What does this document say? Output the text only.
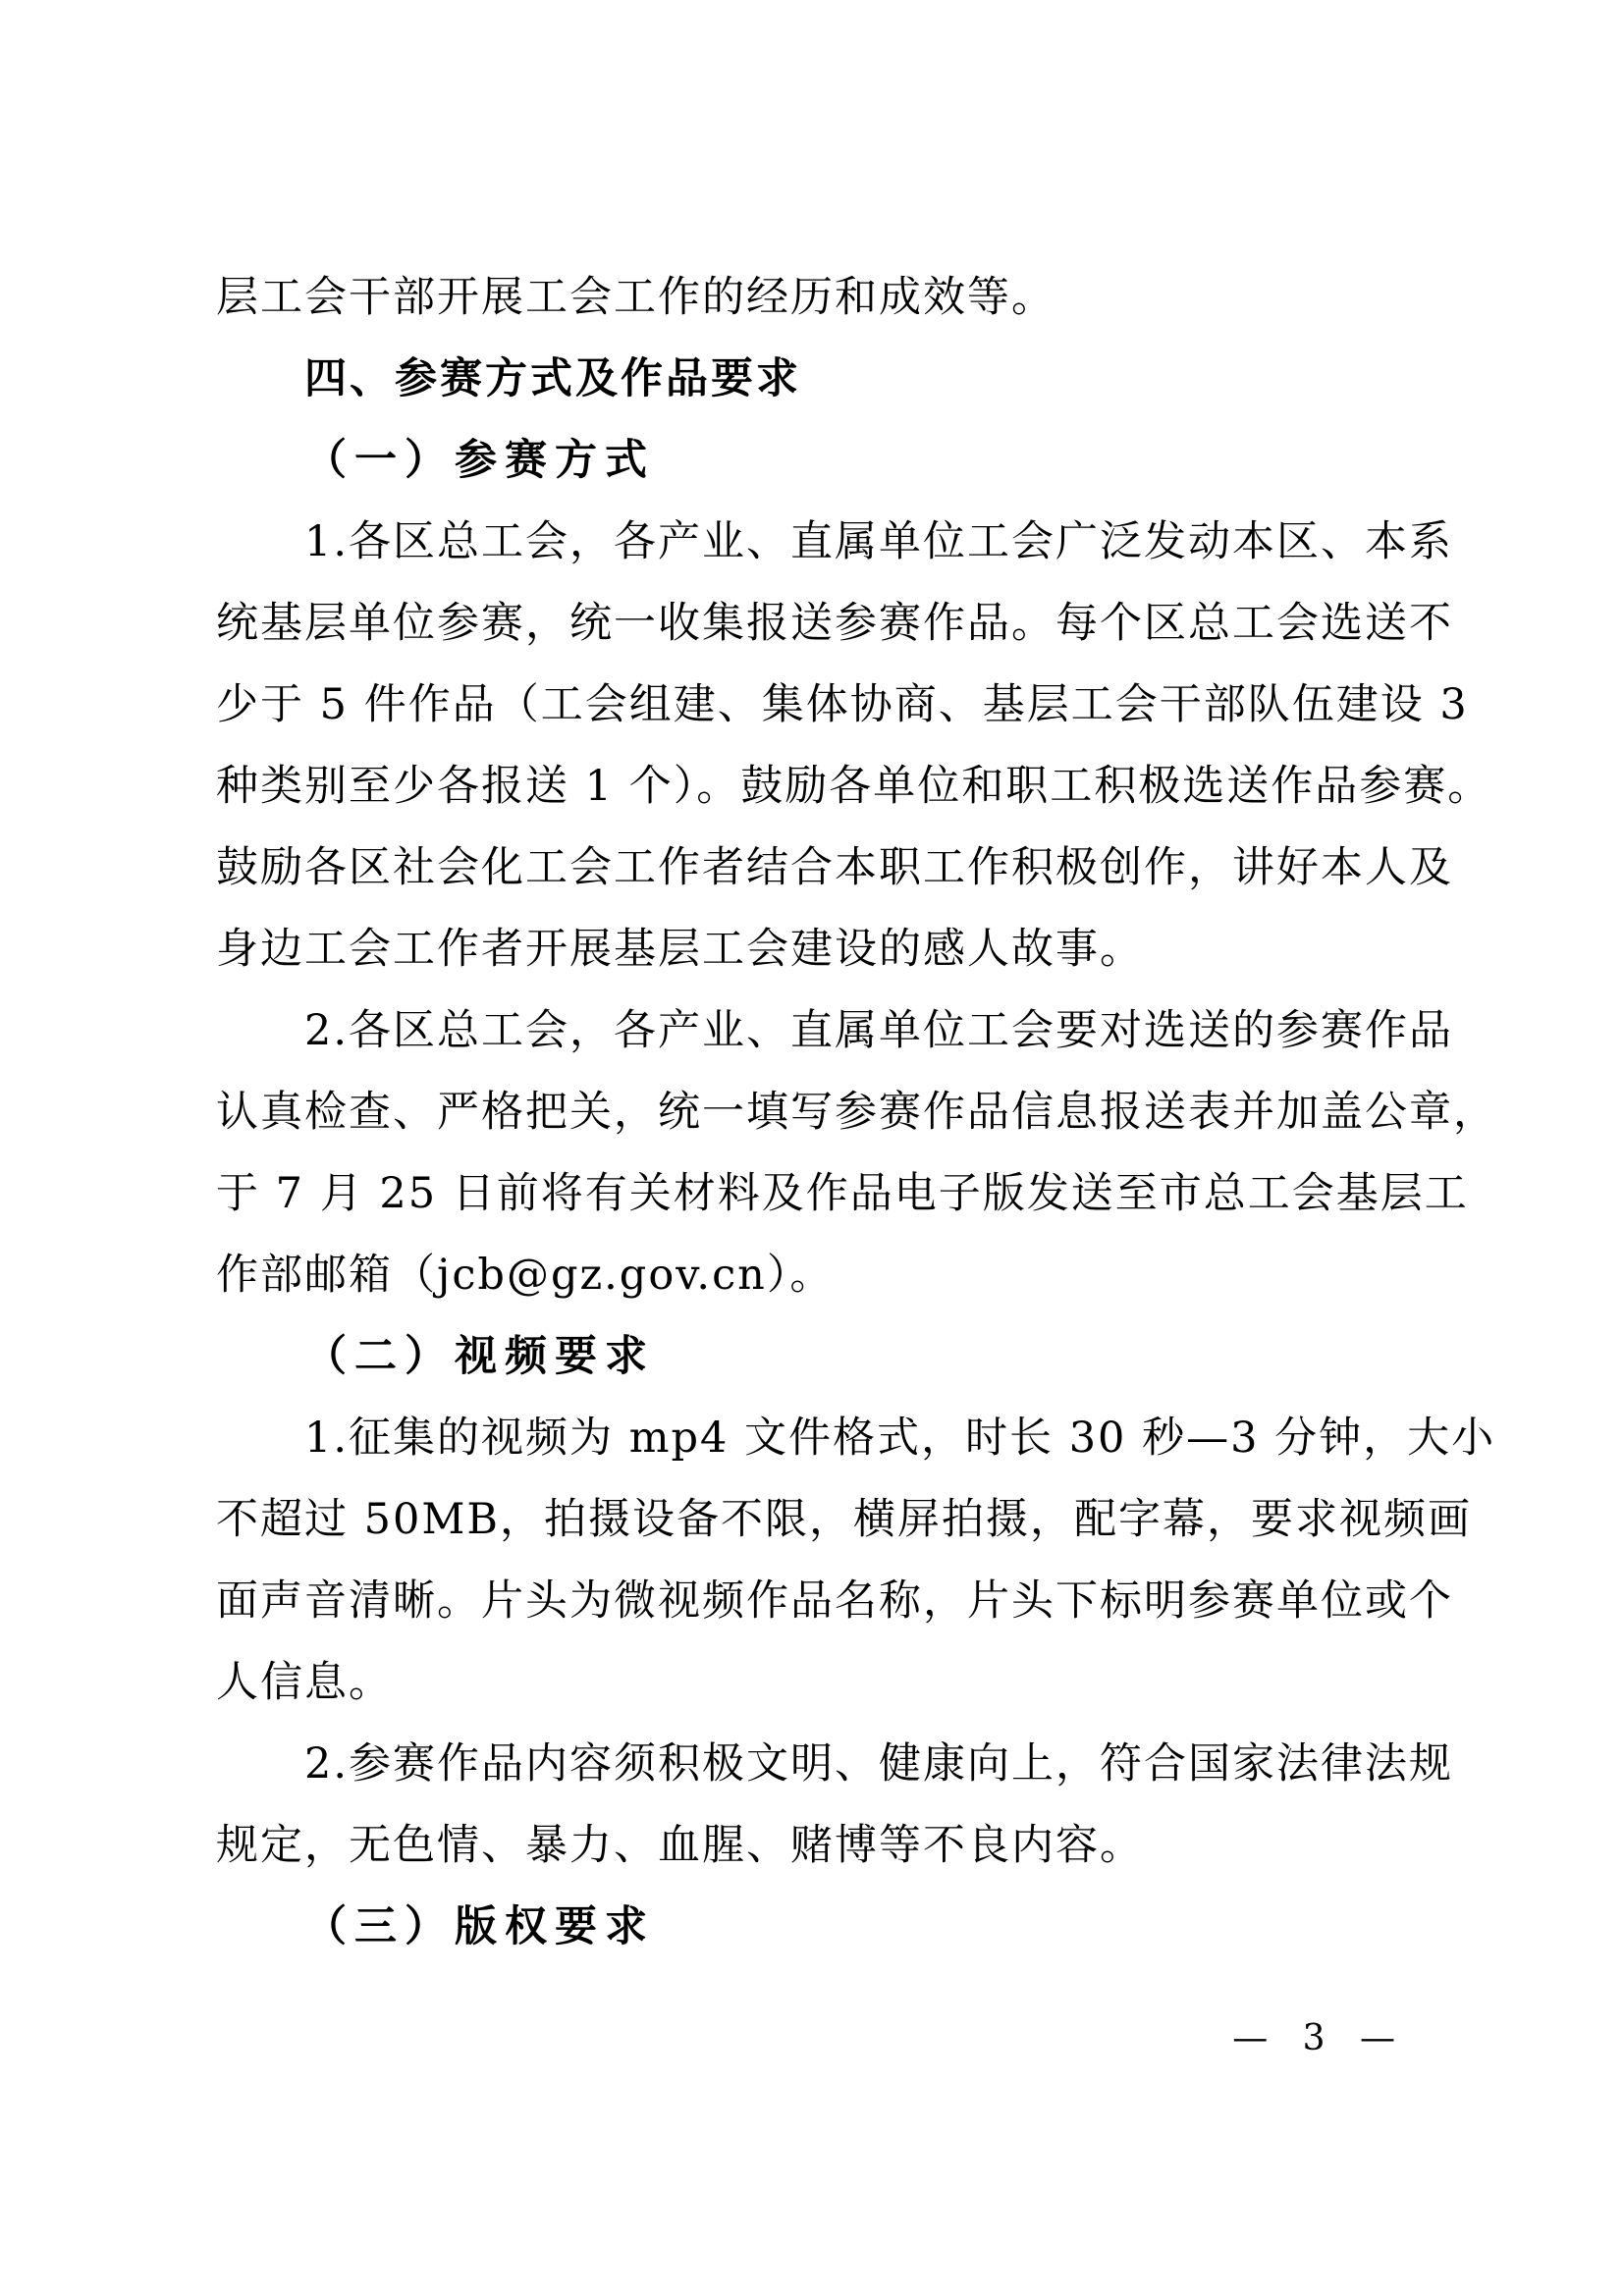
层工会干部开展工会工作的经历和成效等。
四、参赛方式及作品要求
（一）参赛方式
1.各区总工会，各产业、直属单位工会广泛发动本区、本系
统基层单位参赛，统一收集报送参赛作品。每个区总工会选送不
少于 5 件作品（工会组建、集体协商、基层工会干部队伍建设 3
种类别至少各报送 1 个）。鼓励各单位和职工积极选送作品参赛。
鼓励各区社会化工会工作者结合本职工作积极创作，讲好本人及
身边工会工作者开展基层工会建设的感人故事。
2.各区总工会，各产业、直属单位工会要对选送的参赛作品
认真检查、严格把关，统一填写参赛作品信息报送表并加盖公章，
于 7 月 25 日前将有关材料及作品电子版发送至市总工会基层工
作部邮箱（jcb@gz.gov.cn）。
（二）视频要求
1.征集的视频为 mp4 文件格式，时长 30 秒—3 分钟，大小
不超过 50MB，拍摄设备不限，横屏拍摄，配字幕，要求视频画
面声音清晰。片头为微视频作品名称，片头下标明参赛单位或个
人信息。
2.参赛作品内容须积极文明、健康向上，符合国家法律法规
规定，无色情、暴力、血腥、赌博等不良内容。
（三）版权要求
— 3 —
